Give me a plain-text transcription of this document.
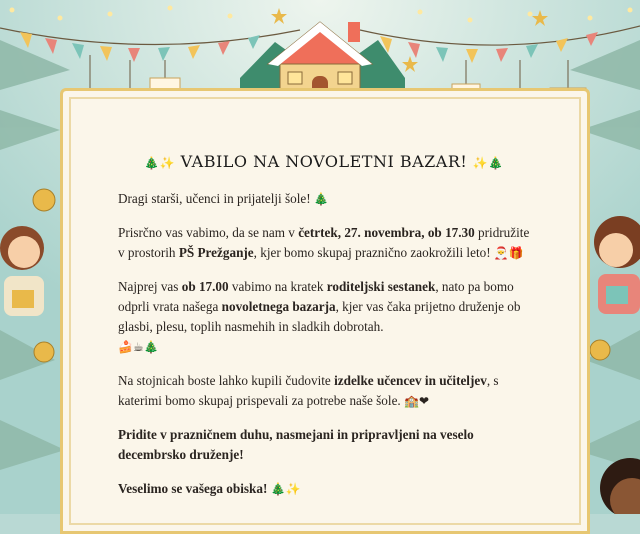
🎄✨ VABILO NA NOVOLETNI BAZAR! ✨🎄

Dragi starši, učenci in prijatelji šole! 🎄

Prisrčno vas vabimo, da se nam v četrtek, 27. novembra, ob 17.30 pridružite v prostorih PŠ Prežganje, kjer bomo skupaj prazničnо zaokrožili leto! 🎅🎁

Najprej vas ob 17.00 vabimo na kratek roditeljski sestanek, nato pa bomo odprli vrata našega novoletnega bazarja, kjer vas čaka prijetno druženje ob glasbi, plesu, toplih nasmehih in sladkih dobrotah.
🍰☕🎄

Na stojnicah boste lahko kupili čudovite izdelke učencev in učiteljev, s katerimi bomo skupaj prispevali za potrebe naše šole. 🏫❤

Pridite v prazničnem duhu, nasmejani in pripravljeni na veselo decembrsko druženje!

Veselimo se vašega obiska! 🎄✨
